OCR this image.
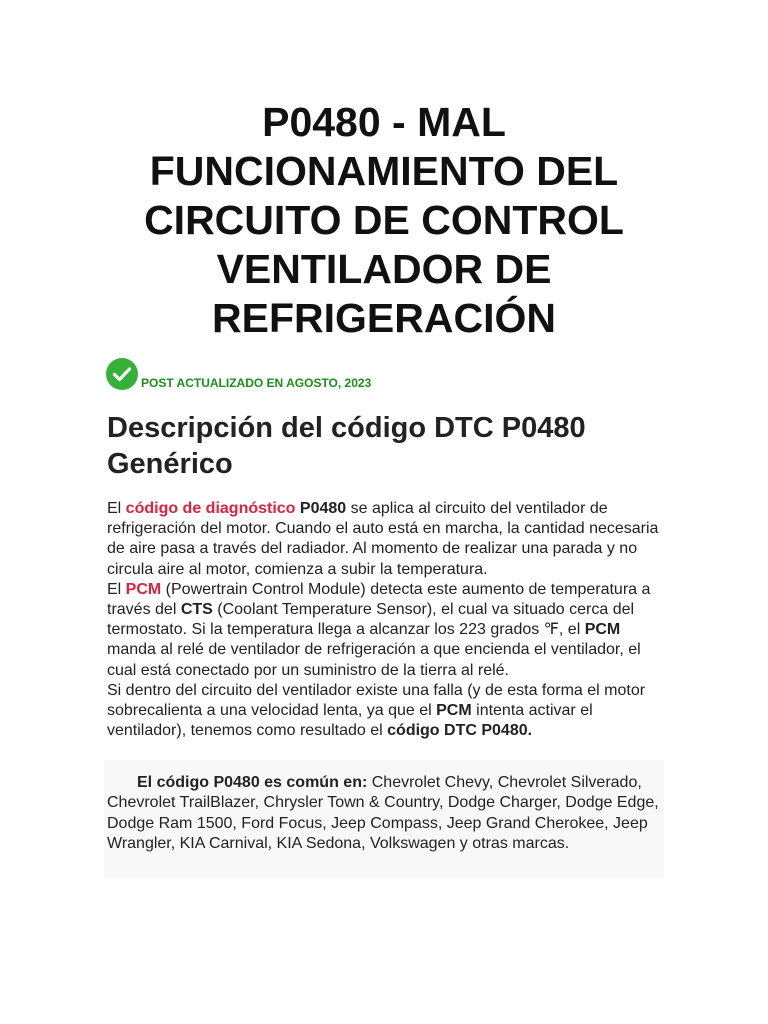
P0480 - MAL FUNCIONAMIENTO DEL CIRCUITO DE CONTROL VENTILADOR DE REFRIGERACIÓN
POST ACTUALIZADO EN AGOSTO, 2023
Descripción del código DTC P0480 Genérico

El código de diagnóstico P0480 se aplica al circuito del ventilador de refrigeración del motor. Cuando el auto está en marcha, la cantidad necesaria de aire pasa a través del radiador. Al momento de realizar una parada y no circula aire al motor, comienza a subir la temperatura.

El PCM (Powertrain Control Module) detecta este aumento de temperatura a través del CTS (Coolant Temperature Sensor), el cual va situado cerca del termostato. Si la temperatura llega a alcanzar los 223 grados ℉, el PCM manda al relé de ventilador de refrigeración a que encienda el ventilador, el cual está conectado por un suministro de la tierra al relé.

Si dentro del circuito del ventilador existe una falla (y de esta forma el motor sobrecalienta a una velocidad lenta, ya que el PCM intenta activar el ventilador), tenemos como resultado el código DTC P0480.

El código P0480 es común en: Chevrolet Chevy, Chevrolet Silverado, Chevrolet TrailBlazer, Chrysler Town & Country, Dodge Charger, Dodge Edge, Dodge Ram 1500, Ford Focus, Jeep Compass, Jeep Grand Cherokee, Jeep Wrangler, KIA Carnival, KIA Sedona, Volkswagen y otras marcas.
